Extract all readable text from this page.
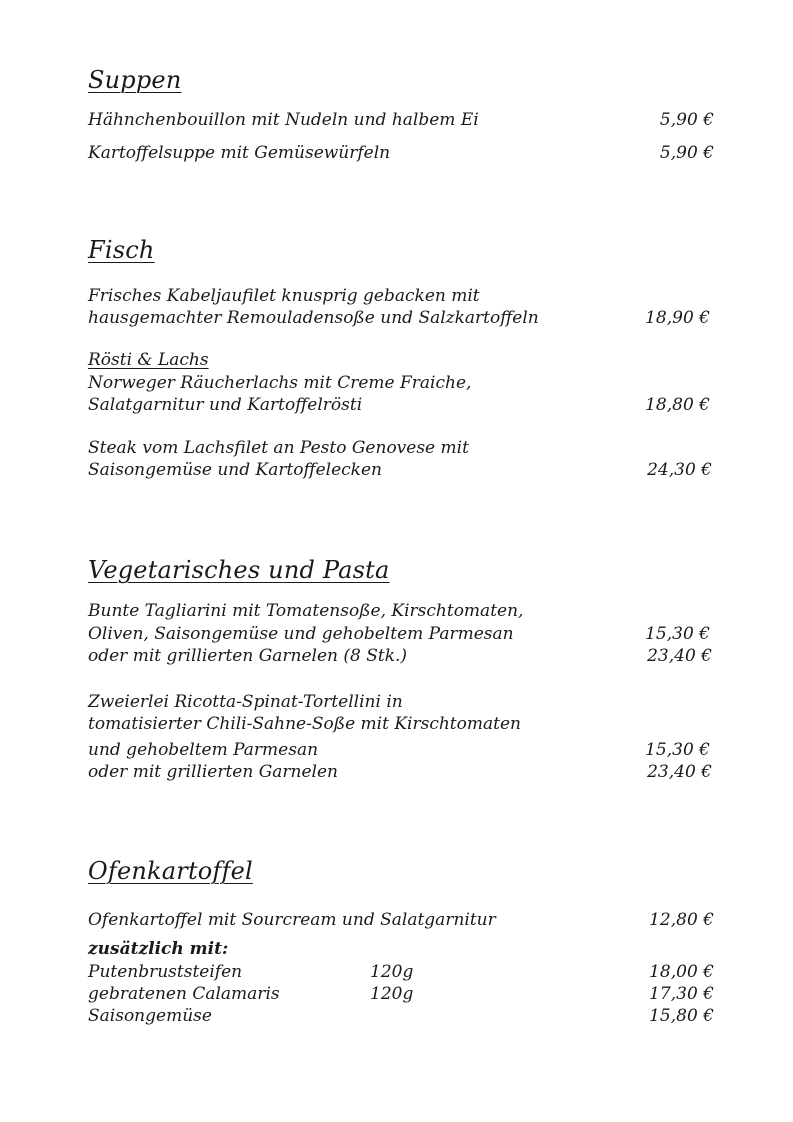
Suppen
Hähnchenbouillon mit Nudeln und halbem Ei	5,90 €
Kartoffelsuppe mit Gemüsewürfeln	5,90 €
Fisch
Frisches Kabeljaufilet knusprig gebacken mit
hausgemachter Remouladensoße und Salzkartoffeln	18,90 €
Rösti & Lachs
Norweger Räucherlachs mit Creme Fraiche,
Salatgarnitur und Kartoffelrösti	18,80 €
Steak vom Lachsfilet an Pesto Genovese mit
Saisongemüse und Kartoffelecken	24,30 €
Vegetarisches und Pasta
Bunte Tagliarini mit Tomatensoße, Kirschtomaten,
Oliven, Saisongemüse und gehobeltem Parmesan	15,30 €
oder mit grillierten Garnelen (8 Stk.)	23,40 €
Zweierlei Ricotta-Spinat-Tortellini in
tomatisierter Chili-Sahne-Soße mit Kirschtomaten
und gehobeltem Parmesan	15,30 €
oder mit grillierten Garnelen	23,40 €
Ofenkartoffel
Ofenkartoffel mit Sourcream und Salatgarnitur	12,80 €
zusätzlich mit:
Putenbruststeifen	120g	18,00 €
gebratenen Calamaris	120g	17,30 €
Saisongemüse	15,80 €
